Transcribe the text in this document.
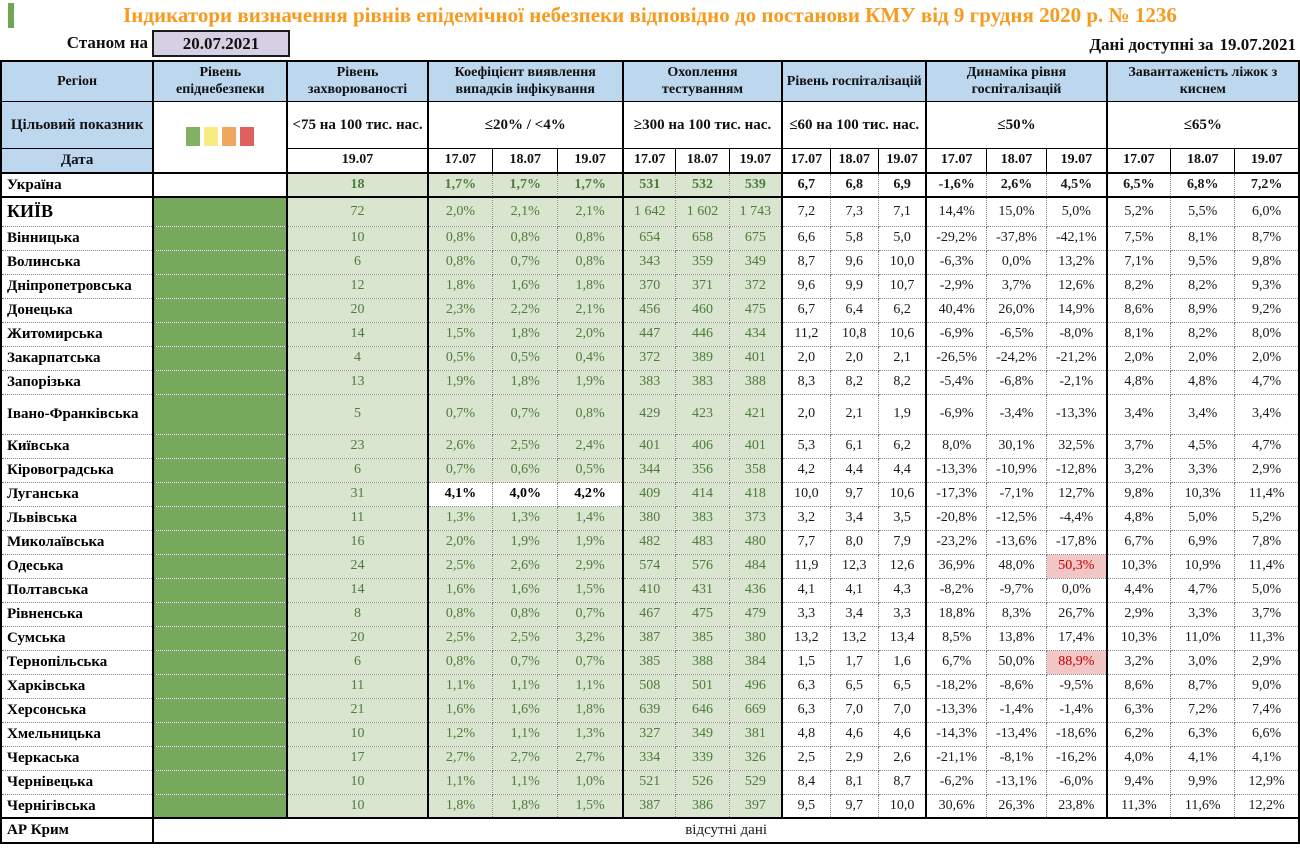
Індикатори визначення рівнів епідемічної небезпеки відповідно до постанови КМУ від 9 грудня 2020 р. № 1236
Станом на	20.07.2021	Дані доступні за 19.07.2021
Регіон	Рівень епіднебезпеки	Рівень захворюваності	Коефіцієнт виявлення випадків інфікування			Охоплення тестуванням			Рівень госпіталізацій			Динаміка рівня госпіталізацій			Завантаженість ліжок з киснем		
Цільовий показник		<75 на 100 тис. нас.	≤20% / <4%			≥300 на 100 тис. нас.			≤60 на 100 тис. нас.			≤50%			≤65%		
Дата		19.07	17.07	18.07	19.07	17.07	18.07	19.07	17.07	18.07	19.07	17.07	18.07	19.07	17.07	18.07	19.07
Україна		18	1,7%	1,7%	1,7%	531	532	539	6,7	6,8	6,9	-1,6%	2,6%	4,5%	6,5%	6,8%	7,2%
КИЇВ		72	2,0%	2,1%	2,1%	1 642	1 602	1 743	7,2	7,3	7,1	14,4%	15,0%	5,0%	5,2%	5,5%	6,0%
Вінницька		10	0,8%	0,8%	0,8%	654	658	675	6,6	5,8	5,0	-29,2%	-37,8%	-42,1%	7,5%	8,1%	8,7%
Волинська		6	0,8%	0,7%	0,8%	343	359	349	8,7	9,6	10,0	-6,3%	0,0%	13,2%	7,1%	9,5%	9,8%
Дніпропетровська		12	1,8%	1,6%	1,8%	370	371	372	9,6	9,9	10,7	-2,9%	3,7%	12,6%	8,2%	8,2%	9,3%
Донецька		20	2,3%	2,2%	2,1%	456	460	475	6,7	6,4	6,2	40,4%	26,0%	14,9%	8,6%	8,9%	9,2%
Житомирська		14	1,5%	1,8%	2,0%	447	446	434	11,2	10,8	10,6	-6,9%	-6,5%	-8,0%	8,1%	8,2%	8,0%
Закарпатська		4	0,5%	0,5%	0,4%	372	389	401	2,0	2,0	2,1	-26,5%	-24,2%	-21,2%	2,0%	2,0%	2,0%
Запорізька		13	1,9%	1,8%	1,9%	383	383	388	8,3	8,2	8,2	-5,4%	-6,8%	-2,1%	4,8%	4,8%	4,7%
Івано-Франківська		5	0,7%	0,7%	0,8%	429	423	421	2,0	2,1	1,9	-6,9%	-3,4%	-13,3%	3,4%	3,4%	3,4%
Київська		23	2,6%	2,5%	2,4%	401	406	401	5,3	6,1	6,2	8,0%	30,1%	32,5%	3,7%	4,5%	4,7%
Кіровоградська		6	0,7%	0,6%	0,5%	344	356	358	4,2	4,4	4,4	-13,3%	-10,9%	-12,8%	3,2%	3,3%	2,9%
Луганська		31	4,1%	4,0%	4,2%	409	414	418	10,0	9,7	10,6	-17,3%	-7,1%	12,7%	9,8%	10,3%	11,4%
Львівська		11	1,3%	1,3%	1,4%	380	383	373	3,2	3,4	3,5	-20,8%	-12,5%	-4,4%	4,8%	5,0%	5,2%
Миколаївська		16	2,0%	1,9%	1,9%	482	483	480	7,7	8,0	7,9	-23,2%	-13,6%	-17,8%	6,7%	6,9%	7,8%
Одеська		24	2,5%	2,6%	2,9%	574	576	484	11,9	12,3	12,6	36,9%	48,0%	50,3%	10,3%	10,9%	11,4%
Полтавська		14	1,6%	1,6%	1,5%	410	431	436	4,1	4,1	4,3	-8,2%	-9,7%	0,0%	4,4%	4,7%	5,0%
Рівненська		8	0,8%	0,8%	0,7%	467	475	479	3,3	3,4	3,3	18,8%	8,3%	26,7%	2,9%	3,3%	3,7%
Сумська		20	2,5%	2,5%	3,2%	387	385	380	13,2	13,2	13,4	8,5%	13,8%	17,4%	10,3%	11,0%	11,3%
Тернопільська		6	0,8%	0,7%	0,7%	385	388	384	1,5	1,7	1,6	6,7%	50,0%	88,9%	3,2%	3,0%	2,9%
Харківська		11	1,1%	1,1%	1,1%	508	501	496	6,3	6,5	6,5	-18,2%	-8,6%	-9,5%	8,6%	8,7%	9,0%
Херсонська		21	1,6%	1,6%	1,8%	639	646	669	6,3	7,0	7,0	-13,3%	-1,4%	-1,4%	6,3%	7,2%	7,4%
Хмельницька		10	1,2%	1,1%	1,3%	327	349	381	4,8	4,6	4,6	-14,3%	-13,4%	-18,6%	6,2%	6,3%	6,6%
Черкаська		17	2,7%	2,7%	2,7%	334	339	326	2,5	2,9	2,6	-21,1%	-8,1%	-16,2%	4,0%	4,1%	4,1%
Чернівецька		10	1,1%	1,1%	1,0%	521	526	529	8,4	8,1	8,7	-6,2%	-13,1%	-6,0%	9,4%	9,9%	12,9%
Чернігівська		10	1,8%	1,8%	1,5%	387	386	397	9,5	9,7	10,0	30,6%	26,3%	23,8%	11,3%	11,6%	12,2%
АР Крим	відсутні дані																
